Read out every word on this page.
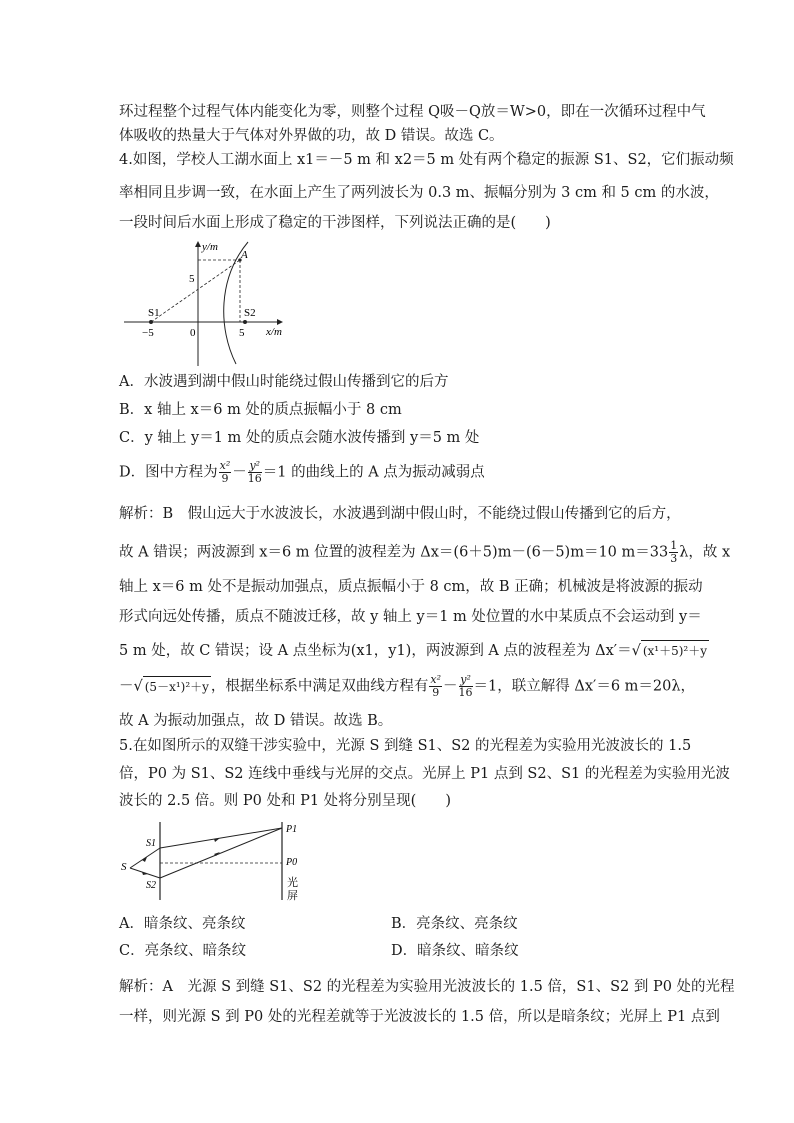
环过程整个过程气体内能变化为零，则整个过程 Q吸－Q放＝W>0，即在一次循环过程中气
体吸收的热量大于气体对外界做的功，故 D 错误。故选 C。
4.如图，学校人工湖水面上 x1＝－5 m 和 x2＝5 m 处有两个稳定的振源 S1、S2，它们振动频
率相同且步调一致，在水面上产生了两列波长为 0.3 m、振幅分别为 3 cm 和 5 cm 的水波，
一段时间后水面上形成了稳定的干涉图样，下列说法正确的是(　　)
y/m
x/m
A
S1	S2
−5	0	5
5
A．水波遇到湖中假山时能绕过假山传播到它的后方
B．x 轴上 x＝6 m 处的质点振幅小于 8 cm
C．y 轴上 y＝1 m 处的质点会随水波传播到 y＝5 m 处
D．图中方程为 $\frac{\text{x²}}{9} - \frac{\text{y²}}{16} =1$ 的曲线上的 A 点为振动减弱点
解析：B　假山远大于水波波长，水波遇到湖中假山时，不能绕过假山传播到它的后方，
故 A 错误；两波源到 x＝6 m 位置的波程差为 Δx＝(6＋5)m－(6－5)m＝10 $m=33 \frac{1}{3}$ λ，故 x
轴上 x＝6 m 处不是振动加强点，质点振幅小于 8 cm，故 B 正确；机械波是将波源的振动
形式向远处传播，质点不随波迁移，故 y 轴上 y＝1 m 处位置的水中某质点不会运动到 y＝
5 m 处，故 C 错误；设 A 点坐标为(x1，y1)，两波源到 A 点的波程差为 Δx′＝√ (x¹＋5)²＋y
－√ (5－x¹)²＋y ，根据坐标系中满足双曲线方程有 $\frac{\text{x²}}{9} - \frac{\text{y²}}{16} =1$，联立解得 Δx′＝6 m＝20λ，
故 A 为振动加强点，故 D 错误。故选 B。
5.在如图所示的双缝干涉实验中，光源 S 到缝 S1、S2 的光程差为实验用光波波长的 1.5
倍，P0 为 S1、S2 连线中垂线与光屏的交点。光屏上 P1 点到 S2、S1 的光程差为实验用光波
波长的 2.5 倍。则 P0 处和 P1 处将分别呈现(　　)
S
S1
S2
P1
P0
光
屏
A．暗条纹、亮条纹	B．亮条纹、亮条纹
C．亮条纹、暗条纹	D．暗条纹、暗条纹
解析：A　光源 S 到缝 S1、S2 的光程差为实验用光波波长的 1.5 倍，S1、S2 到 P0 处的光程
一样，则光源 S 到 P0 处的光程差就等于光波波长的 1.5 倍，所以是暗条纹；光屏上 P1 点到
